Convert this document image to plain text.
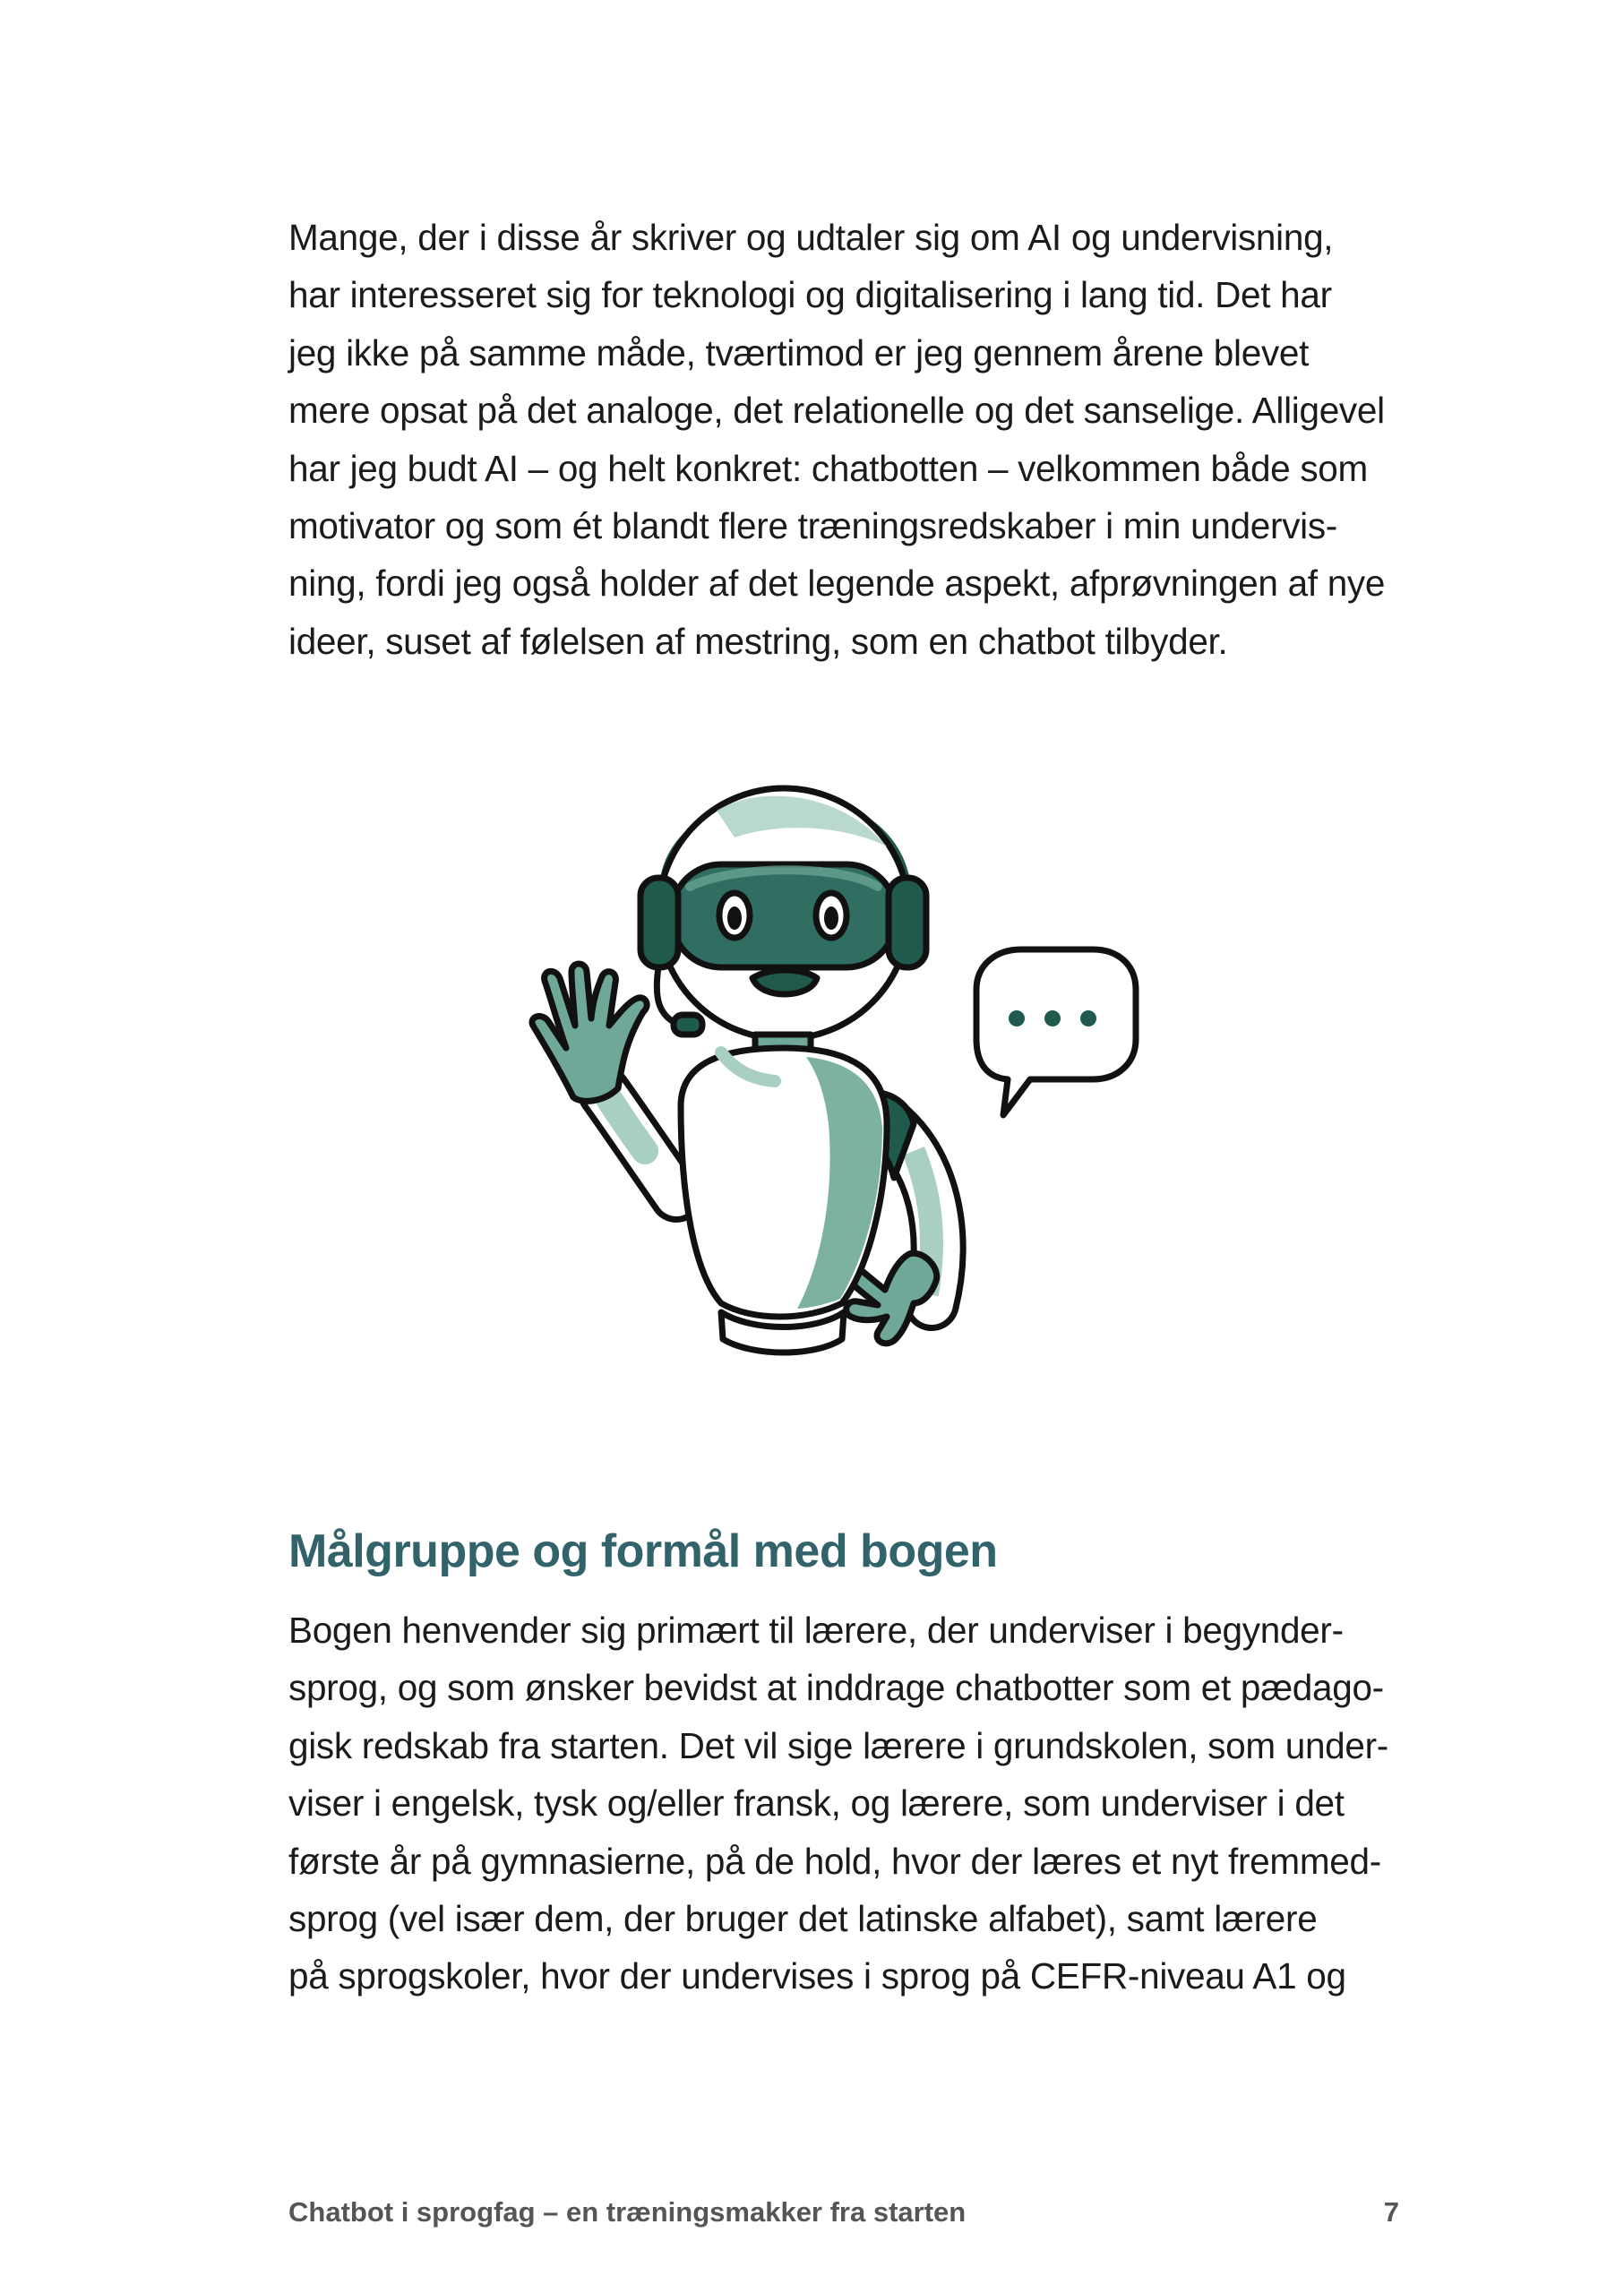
Mange, der i disse år skriver og udtaler sig om AI og undervisning,
har interesseret sig for teknologi og digitalisering i lang tid. Det har
jeg ikke på samme måde, tværtimod er jeg gennem årene blevet
mere opsat på det analoge, det relationelle og det sanselige. Alligevel
har jeg budt AI – og helt konkret: chatbotten – velkommen både som
motivator og som ét blandt flere træningsredskaber i min undervis-
ning, fordi jeg også holder af det legende aspekt, afprøvningen af nye
ideer, suset af følelsen af mestring, som en chatbot tilbyder.

Målgruppe og formål med bogen

Bogen henvender sig primært til lærere, der underviser i begynder-
sprog, og som ønsker bevidst at inddrage chatbotter som et pædago-
gisk redskab fra starten. Det vil sige lærere i grundskolen, som under-
viser i engelsk, tysk og/eller fransk, og lærere, som underviser i det
første år på gymnasierne, på de hold, hvor der læres et nyt fremmed-
sprog (vel især dem, der bruger det latinske alfabet), samt lærere
på sprogskoler, hvor der undervises i sprog på CEFR-niveau A1 og

Chatbot i sprogfag – en træningsmakker fra starten	7
